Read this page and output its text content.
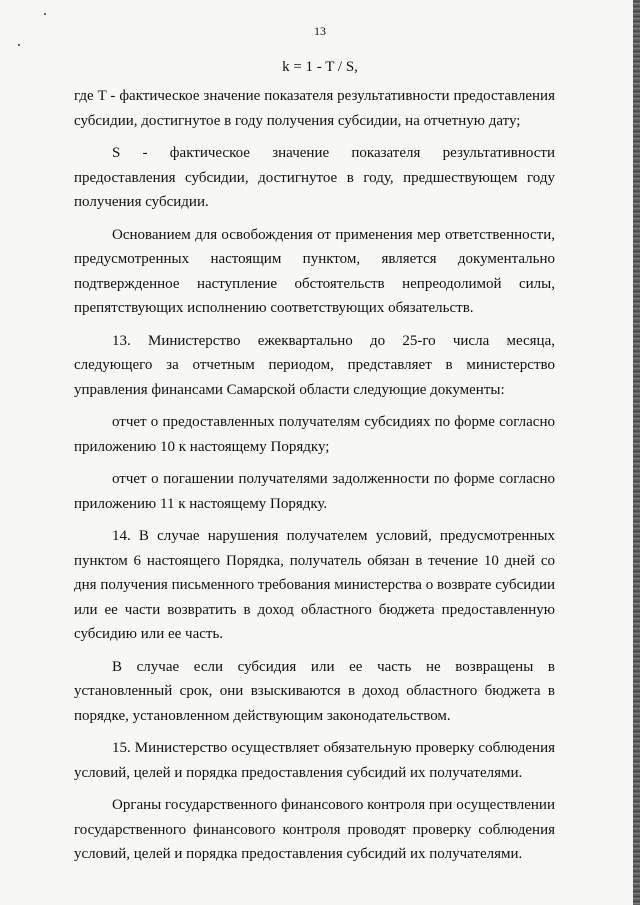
13
k = 1 - T / S,

где T - фактическое значение показателя результативности предоставления субсидии, достигнутое в году получения субсидии, на отчетную дату;

S - фактическое значение показателя результативности предоставления субсидии, достигнутое в году, предшествующем году получения субсидии.

Основанием для освобождения от применения мер ответственности, предусмотренных настоящим пунктом, является документально подтвержденное наступление обстоятельств непреодолимой силы, препятствующих исполнению соответствующих обязательств.

13. Министерство ежеквартально до 25-го числа месяца, следующего за отчетным периодом, представляет в министерство управления финансами Самарской области следующие документы:

отчет о предоставленных получателям субсидиях по форме согласно приложению 10 к настоящему Порядку;

отчет о погашении получателями задолженности по форме согласно приложению 11 к настоящему Порядку.

14. В случае нарушения получателем условий, предусмотренных пунктом 6 настоящего Порядка, получатель обязан в течение 10 дней со дня получения письменного требования министерства о возврате субсидии или ее части возвратить в доход областного бюджета предоставленную субсидию или ее часть.

В случае если субсидия или ее часть не возвращены в установленный срок, они взыскиваются в доход областного бюджета в порядке, установленном действующим законодательством.

15. Министерство осуществляет обязательную проверку соблюдения условий, целей и порядка предоставления субсидий их получателями.

Органы государственного финансового контроля при осуществлении государственного финансового контроля проводят проверку соблюдения условий, целей и порядка предоставления субсидий их получателями.
